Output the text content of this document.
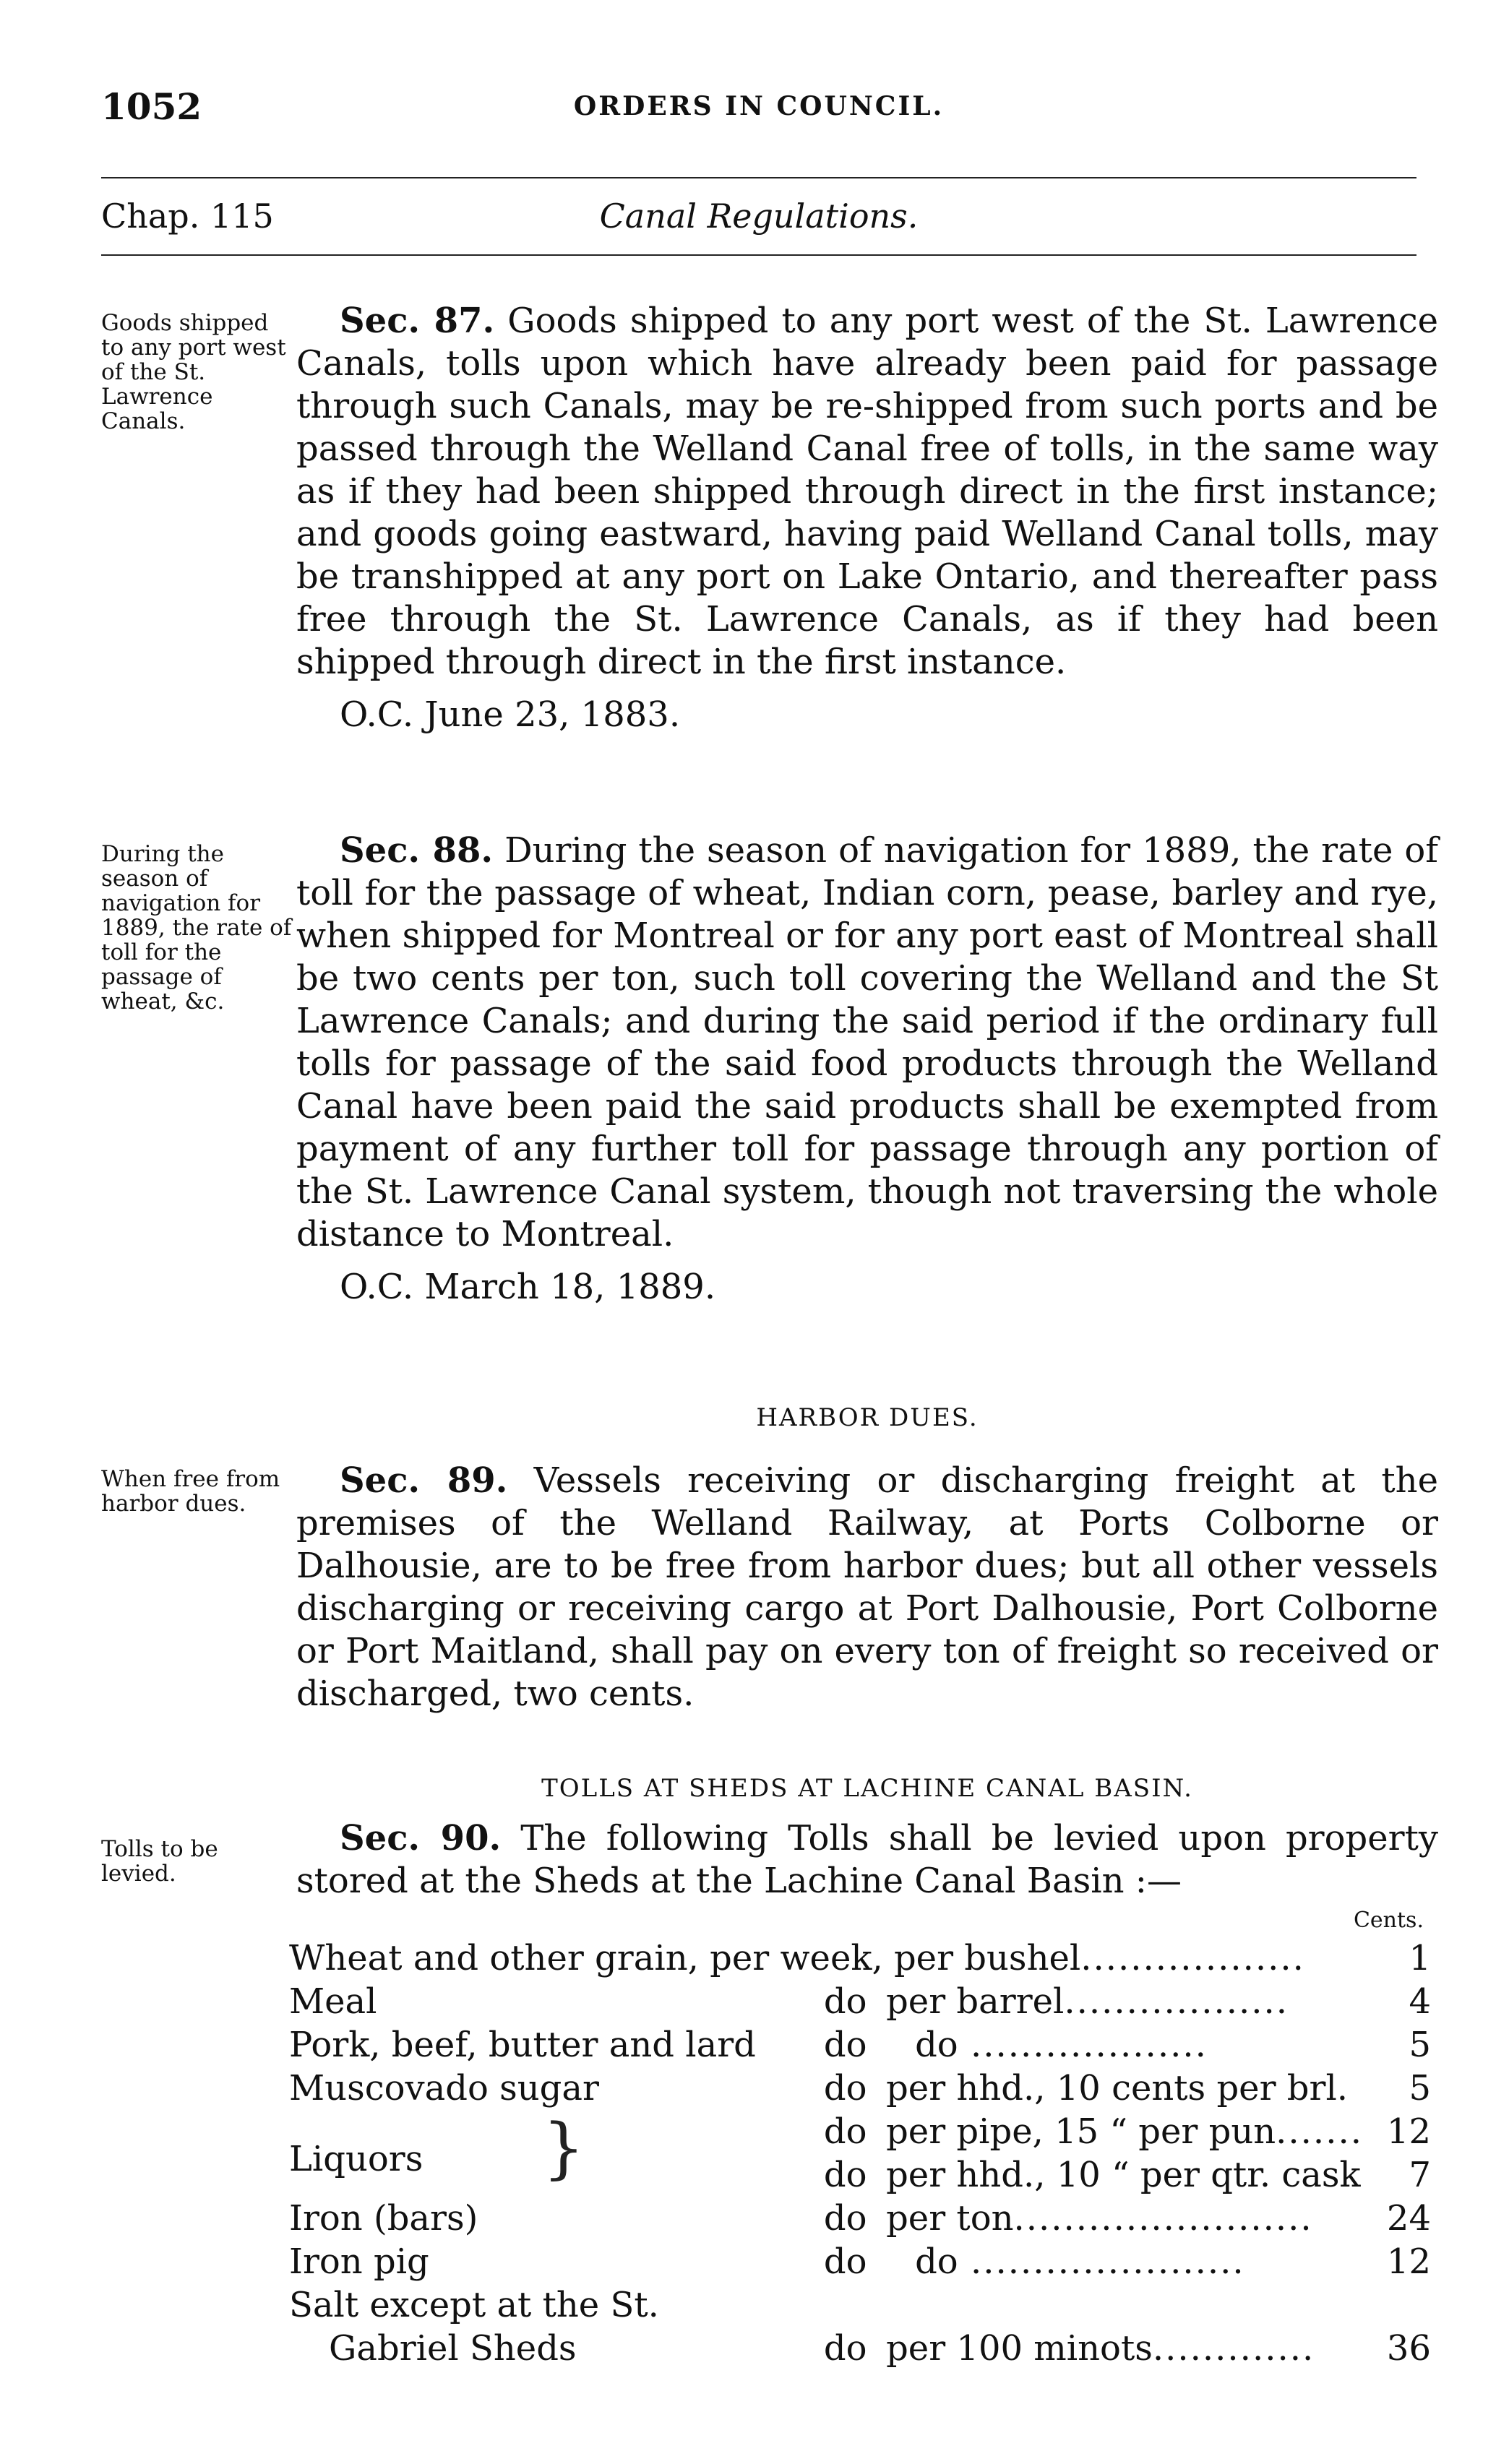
1052	ORDERS IN COUNCIL.
Chap. 115	Canal Regulations.
Goods shipped to any port west of the St. Lawrence Canals.

Sec. 87. Goods shipped to any port west of the St. Lawrence Canals, tolls upon which have already been paid for passage through such Canals, may be re-shipped from such ports and be passed through the Welland Canal free of tolls, in the same way as if they had been shipped through direct in the first instance; and goods going eastward, having paid Welland Canal tolls, may be transhipped at any port on Lake Ontario, and thereafter pass free through the St. Lawrence Canals, as if they had been shipped through direct in the first instance.

O.C. June 23, 1883.

During the season of navigation for 1889, the rate of toll for the passage of wheat, &c.

Sec. 88. During the season of navigation for 1889, the rate of toll for the passage of wheat, Indian corn, pease, barley and rye, when shipped for Montreal or for any port east of Montreal shall be two cents per ton, such toll covering the Welland and the St Lawrence Canals; and during the said period if the ordinary full tolls for passage of the said food products through the Welland Canal have been paid the said products shall be exempted from payment of any further toll for passage through any portion of the St. Lawrence Canal system, though not traversing the whole distance to Montreal.

O.C. March 18, 1889.

HARBOR DUES.
When free from harbor dues.

Sec. 89. Vessels receiving or discharging freight at the premises of the Welland Railway, at Ports Colborne or Dalhousie, are to be free from harbor dues; but all other vessels discharging or receiving cargo at Port Dalhousie, Port Colborne or Port Maitland, shall pay on every ton of freight so received or discharged, two cents.

TOLLS AT SHEDS AT LACHINE CANAL BASIN.
Tolls to be levied.

Sec. 90. The following Tolls shall be levied upon property stored at the Sheds at the Lachine Canal Basin :—

Cents.
Wheat and other grain, per week, per bushel..................			1
Meal	do	per barrel..................	4
Pork, beef, butter and lard	do	do ...................	5
Muscovado sugar	do	per hhd., 10 cents per brl.	5
Liquors }	do	per pipe, 15 “ per pun.......	12
	do	per hhd., 10 “ per qtr. cask	7
Iron (bars)	do	per ton........................	24
Iron pig	do	do ......................	12
Salt except at the St.			
Gabriel Sheds	do	per 100 minots.............	36
